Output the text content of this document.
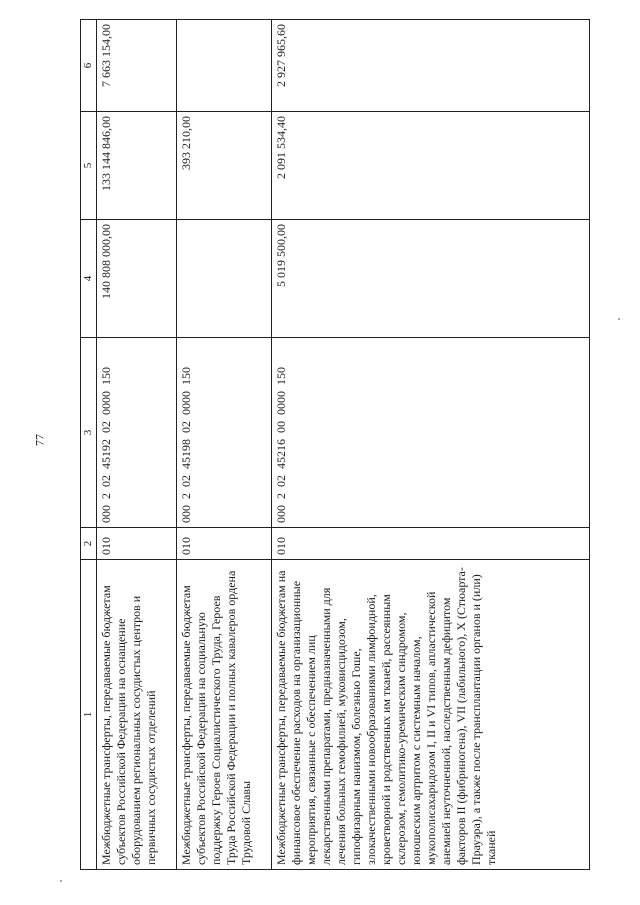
77
1	2	3	4	5	6
Межбюджетные трансферты, передаваемые бюджетам субъектов Российской Федерации на оснащение оборудованием региональных сосудистых центров и первичных сосудистых отделений	010	000  2  02  45192  02  0000  150	140 808 000,00	133 144 846,00	7 663 154,00
Межбюджетные трансферты, передаваемые бюджетам субъектов Российской Федерации на социальную поддержку Героев Социалистического Труда, Героев Труда Российской Федерации и полных кавалеров ордена Трудовой Славы	010	000  2  02  45198  02  0000  150		393 210,00	
Межбюджетные трансферты, передаваемые бюджетам на финансовое обеспечение расходов на организационные мероприятия, связанные с обеспечением лиц лекарственными препаратами, предназначенными для лечения больных гемофилией, муковисцидозом, гипофизарным нанизмом, болезнью Гоше, злокачественными новообразованиями лимфоидной, кроветворной и родственных им тканей, рассеянным склерозом, гемолитико-уремическим синдромом, юношеским артритом с системным началом, мукополисахаридозом I, II и VI типов, апластической анемией неуточненной, наследственным дефицитом факторов II (фибриногена), VII (лабильного), X (Стюарта-Прауэра), а также после трансплантации органов и (или) тканей	010	000  2  02  45216  00  0000  150	5 019 500,00	2 091 534,40	2 927 965,60
